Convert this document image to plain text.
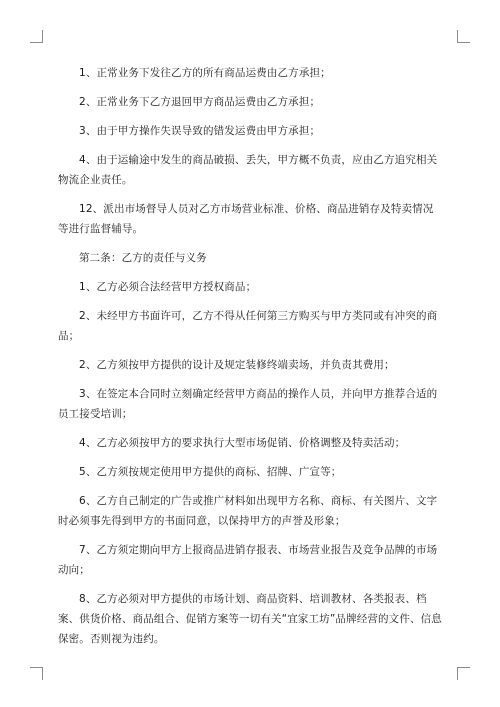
1、正常业务下发往乙方的所有商品运费由乙方承担；

2、正常业务下乙方退回甲方商品运费由乙方承担；

3、由于甲方操作失误导致的错发运费由甲方承担；

4、由于运输途中发生的商品破损、丢失，甲方概不负责，应由乙方追究相关物流企业责任。

12、派出市场督导人员对乙方市场营业标准、价格、商品进销存及特卖情况等进行监督辅导。

第二条：乙方的责任与义务

1、乙方必须合法经营甲方授权商品；

2、未经甲方书面许可，乙方不得从任何第三方购买与甲方类同或有冲突的商品；

2、乙方须按甲方提供的设计及规定装修终端卖场，并负责其费用；

3、在签定本合同时立刻确定经营甲方商品的操作人员，并向甲方推荐合适的员工接受培训；

4、乙方必须按甲方的要求执行大型市场促销、价格调整及特卖活动；

5、乙方须按规定使用甲方提供的商标、招牌、广宣等；

6、乙方自己制定的广告或推广材料如出现甲方名称、商标、有关图片、文字时必须事先得到甲方的书面同意，以保持甲方的声誉及形象；

7、乙方须定期向甲方上报商品进销存报表、市场营业报告及竞争品牌的市场动向；

8、乙方必须对甲方提供的市场计划、商品资料、培训教材、各类报表、档案、供货价格、商品组合、促销方案等一切有关“宜家工坊”品牌经营的文件、信息保密。否则视为违约。
